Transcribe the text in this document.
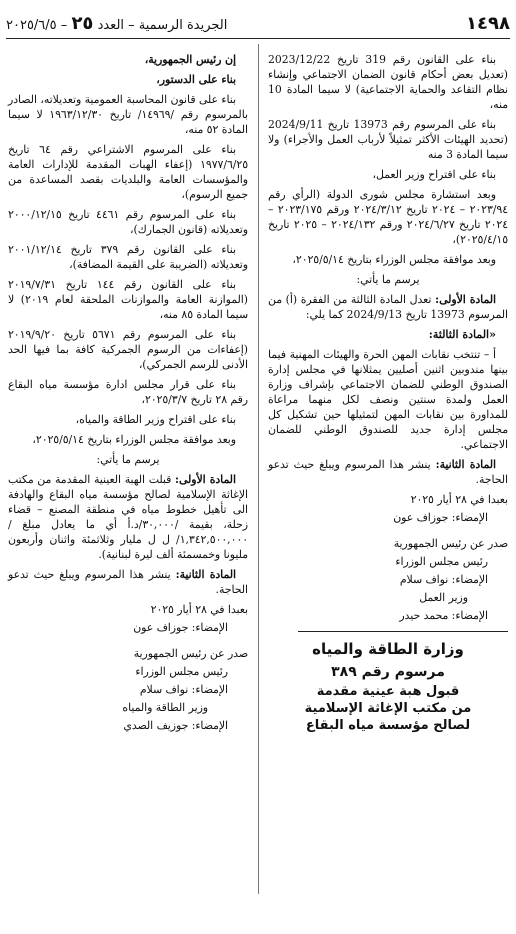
١٤٩٨
الجريدة الرسمية – العدد ٢٥ – ٢٠٢٥/٦/٥

بناء على القانون رقم 319 تاريخ 2023/12/22 (تعديل بعض أحكام قانون الضمان الاجتماعي وإنشاء نظام التقاعد والحماية الاجتماعية) لا سيما المادة 10 منه،

بناء على المرسوم رقم 13973 تاريخ 2024/9/11 (تحديد الهيئات الأكثر تمثيلاً لأرباب العمل والأجراء) ولا سيما المادة 3 منه

بناء على اقتراح وزير العمل،

وبعد استشارة مجلس شورى الدولة (الرأي رقم ٢٠٢٣/٩٤ – ٢٠٢٤ تاريخ ٢٠٢٤/٣/١٢ ورقم ٢٠٢٣/١٧٥ – ٢٠٢٤ تاريخ ٢٠٢٤/٦/٢٧ ورقم ٢٠٢٤/١٣٢ – ٢٠٢٥ تاريخ ٢٠٢٥/٤/١٥)،

وبعد موافقة مجلس الوزراء بتاريخ ٢٠٢٥/٥/١٤،

يرسم ما يأتي:

المادة الأولى: تعدل المادة الثالثة من الفقرة (أ) من المرسوم 13973 تاريخ 2024/9/13 كما يلي:

«المادة الثالثة:

أ – تنتخب نقابات المهن الحرة والهيئات المهنية فيما بينها مندوبين اثنين أصليين يمثلانها في مجلس إدارة الصندوق الوطني للضمان الاجتماعي بإشراف وزارة العمل ولمدة سنتين ونصف لكل منهما مراعاة للمداورة بين نقابات المهن لتمثيلها حين تشكيل كل مجلس إدارة جديد للصندوق الوطني للضمان الاجتماعي.

المادة الثانية: ينشر هذا المرسوم ويبلغ حيث تدعو الحاجة.

بعبدا في ٢٨ أيار ٢٠٢٥
الإمضاء: جوزاف عون
صدر عن رئيس الجمهورية
رئيس مجلس الوزراء
الإمضاء: نواف سلام
وزير العمل
الإمضاء: محمد حيدر
وزارة الطاقة والمياه
مرسوم رقم ٣٨٩
قبول هبة عينية مقدمة
من مكتب الإغاثة الإسلامية
لصالح مؤسسة مياه البقاع

إن رئيس الجمهورية،

بناء على الدستور،

بناء على قانون المحاسبة العمومية وتعديلاته، الصادر بالمرسوم رقم /١٤٩٦٩/ تاريخ ١٩٦٣/١٢/٣٠ لا سيما المادة ٥٢ منه،

بناء على المرسوم الاشتراعي رقم ٦٤ تاريخ ١٩٧٧/٦/٢٥ (إعفاء الهبات المقدمة للإدارات العامة والمؤسسات العامة والبلديات بقصد المساعدة من جميع الرسوم)،

بناء على المرسوم رقم ٤٤٦١ تاريخ ٢٠٠٠/١٢/١٥ وتعديلاته (قانون الجمارك)،

بناء على القانون رقم ٣٧٩ تاريخ ٢٠٠١/١٢/١٤ وتعديلاته (الضريبة على القيمة المضافة)،

بناء على القانون رقم ١٤٤ تاريخ ٢٠١٩/٧/٣١ (الموازنة العامة والموازنات الملحقة لعام ٢٠١٩) لا سيما المادة ٨٥ منه،

بناء على المرسوم رقم ٥٦٧١ تاريخ ٢٠١٩/٩/٢٠ (إعفاءات من الرسوم الجمركية كافة بما فيها الحد الأدنى للرسم الجمركي)،

بناء على قرار مجلس ادارة مؤسسة مياه البقاع رقم ٢٨ تاريخ ٢٠٢٥/٣/٧،

بناء على اقتراح وزير الطاقة والمياه،

وبعد موافقة مجلس الوزراء بتاريخ ٢٠٢٥/٥/١٤،

يرسم ما يأتي:

المادة الأولى: قبلت الهبة العينية المقدمة من مكتب الإغاثة الإسلامية لصالح مؤسسة مياه البقاع والهادفة الى تأهيل خطوط مياه في منطقة المصنع – قضاء زحلة، بقيمة /٣٠,٠٠٠/د.أ أي ما يعادل مبلغ /١,٣٤٢,٥٠٠,٠٠٠/ ل ل مليار وثلاثمئة واثنان وأربعون مليونا وخمسمئة ألف ليرة لبنانية).

المادة الثانية: ينشر هذا المرسوم ويبلغ حيث تدعو الحاجة.

بعبدا في ٢٨ أيار ٢٠٢٥
الإمضاء: جوزاف عون
صدر عن رئيس الجمهورية
رئيس مجلس الوزراء
الإمضاء: نواف سلام
وزير الطاقة والمياه
الإمضاء: جوزيف الصدي
